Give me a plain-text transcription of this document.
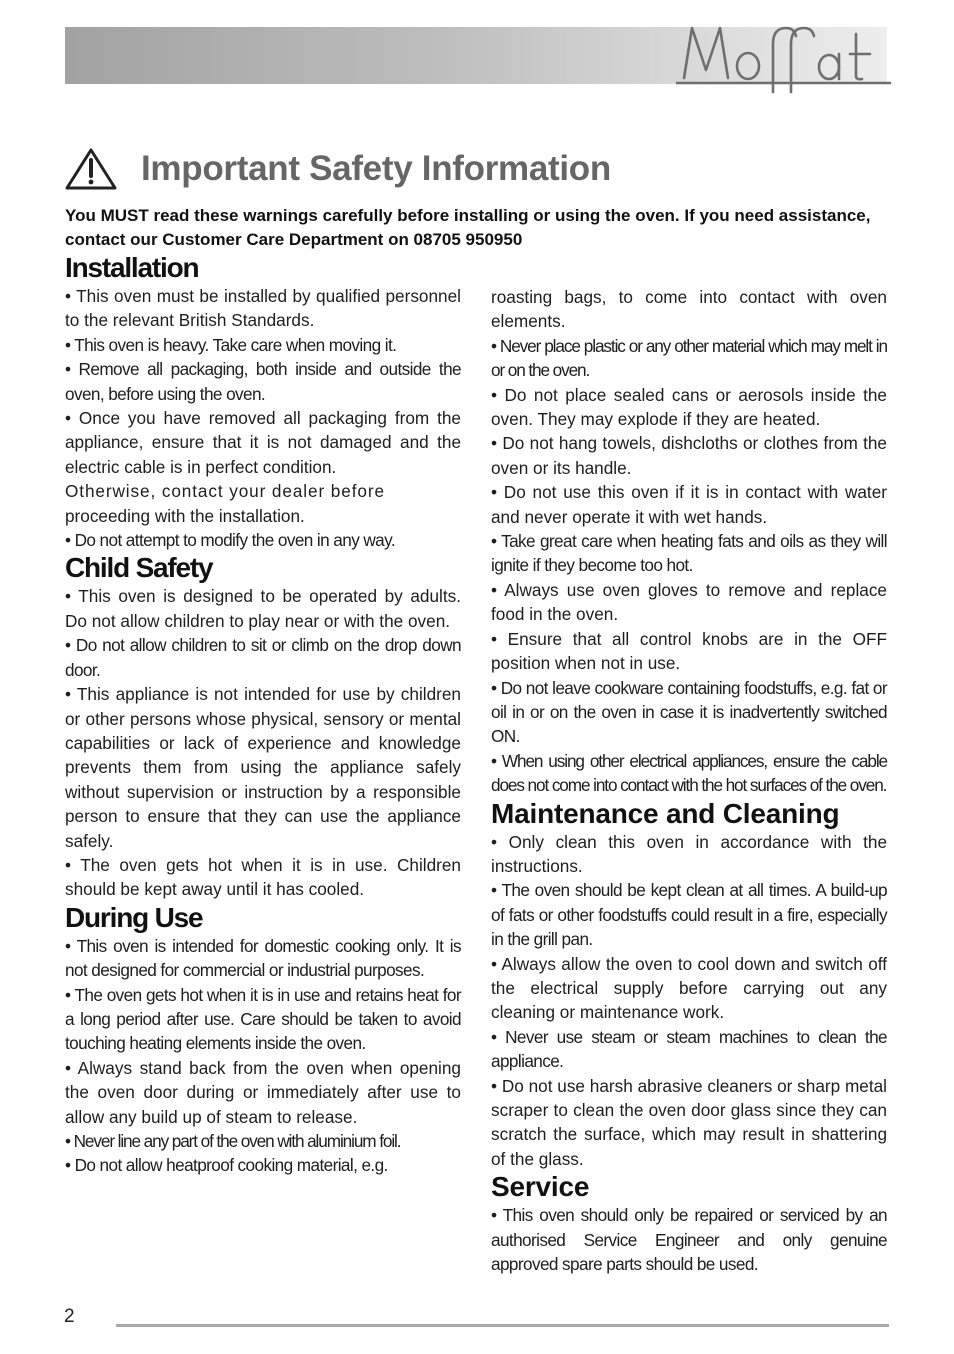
Important Safety Information
You MUST read these warnings carefully before installing or using the oven. If you need assistance, contact our Customer Care Department on 08705 950950
Installation

• This oven must be installed by qualified personnel to the relevant British Standards.

• This oven is heavy. Take care when moving it.

• Remove all packaging, both inside and outside the oven, before using the oven.

• Once you have removed all packaging from the appliance, ensure that it is not damaged and the electric cable is in perfect condition.

Otherwise, contact your dealer before

proceeding with the installation.

• Do not attempt to modify the oven in any way.

Child Safety

• This oven is designed to be operated by adults. Do not allow children to play near or with the oven.

• Do not allow children to sit or climb on the drop down door.

• This appliance is not intended for use by children or other persons whose physical, sensory or mental capabilities or lack of experience and knowledge prevents them from using the appliance safely without supervision or instruction by a responsible person to ensure that they can use the appliance safely.

• The oven gets hot when it is in use. Children should be kept away until it has cooled.

During Use

• This oven is intended for domestic cooking only. It is not designed for commercial or industrial purposes.

• The oven gets hot when it is in use and retains heat for a long period after use. Care should be taken to avoid touching heating elements inside the oven.

• Always stand back from the oven when opening the oven door during or immediately after use to allow any build up of steam to release.

• Never line any part of the oven with aluminium foil.

• Do not allow heatproof cooking material, e.g.

roasting bags, to come into contact with oven elements.

• Never place plastic or any other material which may melt in or on the oven.

• Do not place sealed cans or aerosols inside the oven. They may explode if they are heated.

• Do not hang towels, dishcloths or clothes from the oven or its handle.

• Do not use this oven if it is in contact with water and never operate it with wet hands.

• Take great care when heating fats and oils as they will ignite if they become too hot.

• Always use oven gloves to remove and replace food in the oven.

• Ensure that all control knobs are in the OFF position when not in use.

• Do not leave cookware containing foodstuffs, e.g. fat or oil in or on the oven in case it is inadvertently switched ON.

• When using other electrical appliances, ensure the cable does not come into contact with the hot surfaces of the oven.

Maintenance and Cleaning

• Only clean this oven in accordance with the instructions.

• The oven should be kept clean at all times. A build-up of fats or other foodstuffs could result in a fire, especially in the grill pan.

• Always allow the oven to cool down and switch off the electrical supply before carrying out any cleaning or maintenance work.

• Never use steam or steam machines to clean the appliance.

• Do not use harsh abrasive cleaners or sharp metal scraper to clean the oven door glass since they can scratch the surface, which may result in shattering of the glass.

Service

• This oven should only be repaired or serviced by an authorised Service Engineer and only genuine approved spare parts should be used.

2
